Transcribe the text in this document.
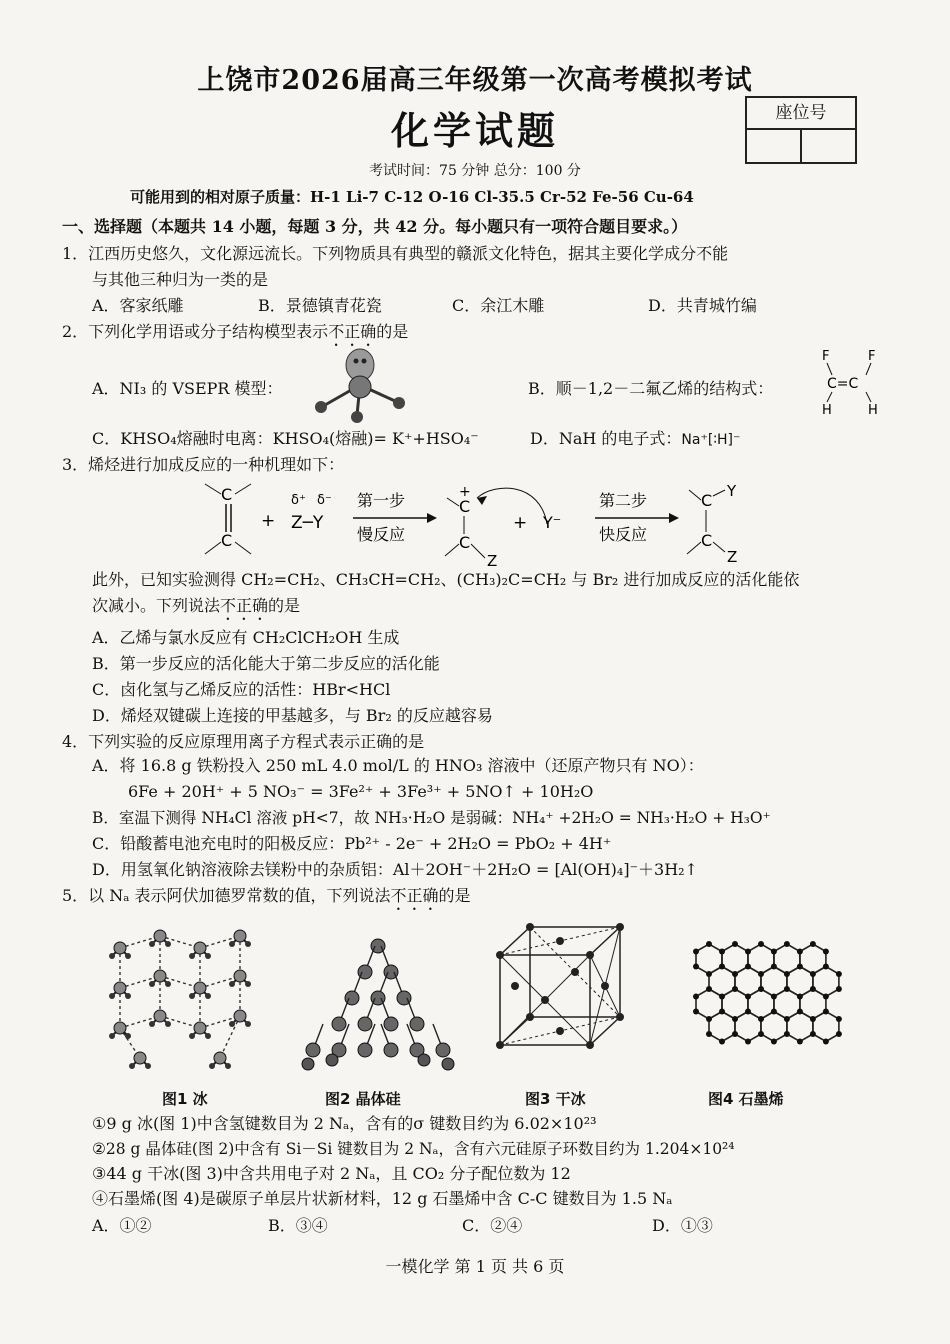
上饶市2026届高三年级第一次高考模拟考试
化学试题	座位号
考试时间：75 分钟 总分：100 分
可能用到的相对原子质量：H-1 Li-7 C-12 O-16 Cl-35.5 Cr-52 Fe-56 Cu-64
一、选择题（本题共 14 小题，每题 3 分，共 42 分。每小题只有一项符合题目要求。）
1．江西历史悠久，文化源远流长。下列物质具有典型的赣派文化特色，据其主要化学成分不能
与其他三种归为一类的是
A．客家纸雕	B．景德镇青花瓷	C．余江木雕	D．共青城竹编
2．下列化学用语或分子结构模型表示不正确的是
A．NI₃ 的 VSEPR 模型：	B．顺－1,2－二氟乙烯的结构式：
F	F
C=C
H	H
C．KHSO₄熔融时电离：KHSO₄(熔融)= K⁺+HSO₄⁻	D．NaH 的电子式：Na⁺[∶H]⁻
3．烯烃进行加成反应的一种机理如下：
C
C
+
δ⁺ δ⁻
Z─Y
第一步
慢反应
+
C
C
Z
+ Y⁻
第二步
快反应
C
C
Y
Z
此外，已知实验测得 CH₂=CH₂、CH₃CH=CH₂、(CH₃)₂C=CH₂ 与 Br₂ 进行加成反应的活化能依
次减小。下列说法不正确的是
A．乙烯与氯水反应有 CH₂ClCH₂OH 生成
B．第一步反应的活化能大于第二步反应的活化能
C．卤化氢与乙烯反应的活性：HBr<HCl
D．烯烃双键碳上连接的甲基越多，与 Br₂ 的反应越容易
4．下列实验的反应原理用离子方程式表示正确的是
A．将 16.8 g 铁粉投入 250 mL 4.0 mol/L 的 HNO₃ 溶液中（还原产物只有 NO）：
6Fe + 20H⁺ + 5 NO₃⁻ = 3Fe²⁺ + 3Fe³⁺ + 5NO↑ + 10H₂O
B．室温下测得 NH₄Cl 溶液 pH<7，故 NH₃·H₂O 是弱碱：NH₄⁺ +2H₂O = NH₃·H₂O + H₃O⁺
C．铅酸蓄电池充电时的阳极反应：Pb²⁺ - 2e⁻ + 2H₂O = PbO₂ + 4H⁺
D．用氢氧化钠溶液除去镁粉中的杂质铝：Al＋2OH⁻＋2H₂O = [Al(OH)₄]⁻＋3H₂↑
5．以 Nₐ 表示阿伏加德罗常数的值，下列说法不正确的是
图1 冰	图2 晶体硅	图3 干冰	图4 石墨烯
①9 g 冰(图 1)中含氢键数目为 2 Nₐ，含有的σ 键数目约为 6.02×10²³
②28 g 晶体硅(图 2)中含有 Si－Si 键数目为 2 Nₐ，含有六元硅原子环数目约为 1.204×10²⁴
③44 g 干冰(图 3)中含共用电子对 2 Nₐ，且 CO₂ 分子配位数为 12
④石墨烯(图 4)是碳原子单层片状新材料，12 g 石墨烯中含 C-C 键数目为 1.5 Nₐ
A．①②	B．③④	C．②④	D．①③
一模化学 第 1 页 共 6 页
